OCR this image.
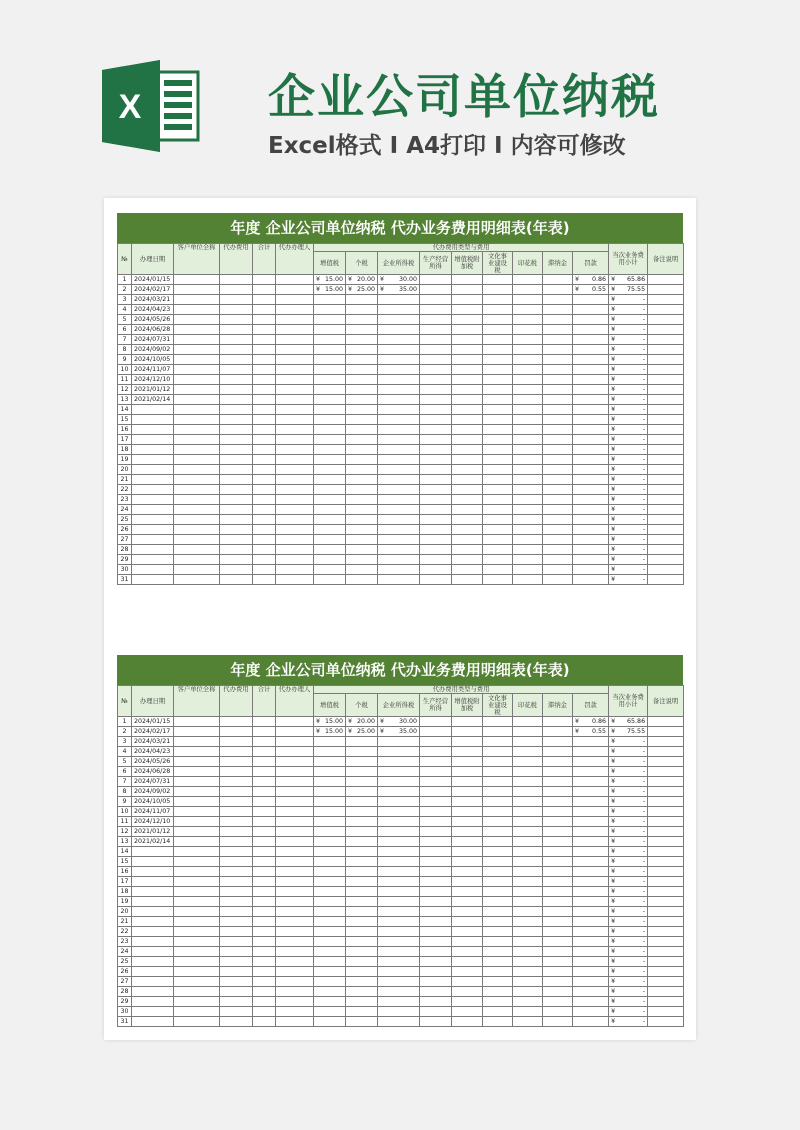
X	企业公司单位纳税
Excel格式 Ι A4打印 Ι 内容可修改
年度 企业公司单位纳税 代办业务费用明细表(年表)
№	办理日期	客户单位全称	代办费用	合计	代办办理人	代办费用类型与费用									当次业务费用小计	备注说明
						增值税	个税	企业所得税	生产经营所得	增值税附加税	文化事业建设税	印花税	滞纳金	罚款		
1	2024/01/15					¥ 15.00	¥ 20.00	¥ 30.00						¥ 0.86	¥ 65.86	

2	2024/02/17					¥ 15.00	¥ 25.00	¥ 35.00						¥ 0.55	¥ 75.55	

3	2024/03/21														¥ -	

4	2024/04/23														¥ -	

5	2024/05/26														¥ -	

6	2024/06/28														¥ -	

7	2024/07/31														¥ -	

8	2024/09/02														¥ -	

9	2024/10/05														¥ -	

10	2024/11/07														¥ -	

11	2024/12/10														¥ -	

12	2021/01/12														¥ -	

13	2021/02/14														¥ -	

14															¥ -	

15															¥ -	

16															¥ -	

17															¥ -	

18															¥ -	

19															¥ -	

20															¥ -	

21															¥ -	

22															¥ -	

23															¥ -	

24															¥ -	

25															¥ -	

26															¥ -	

27															¥ -	

28															¥ -	

29															¥ -	

30															¥ -	

31															¥ -	

年度 企业公司单位纳税 代办业务费用明细表(年表)
№	办理日期	客户单位全称	代办费用	合计	代办办理人	代办费用类型与费用									当次业务费用小计	备注说明
						增值税	个税	企业所得税	生产经营所得	增值税附加税	文化事业建设税	印花税	滞纳金	罚款		
1	2024/01/15					¥ 15.00	¥ 20.00	¥ 30.00						¥ 0.86	¥ 65.86	

2	2024/02/17					¥ 15.00	¥ 25.00	¥ 35.00						¥ 0.55	¥ 75.55	

3	2024/03/21														¥ -	

4	2024/04/23														¥ -	

5	2024/05/26														¥ -	

6	2024/06/28														¥ -	

7	2024/07/31														¥ -	

8	2024/09/02														¥ -	

9	2024/10/05														¥ -	

10	2024/11/07														¥ -	

11	2024/12/10														¥ -	

12	2021/01/12														¥ -	

13	2021/02/14														¥ -	

14															¥ -	

15															¥ -	

16															¥ -	

17															¥ -	

18															¥ -	

19															¥ -	

20															¥ -	

21															¥ -	

22															¥ -	

23															¥ -	

24															¥ -	

25															¥ -	

26															¥ -	

27															¥ -	

28															¥ -	

29															¥ -	

30															¥ -	

31															¥ -	
